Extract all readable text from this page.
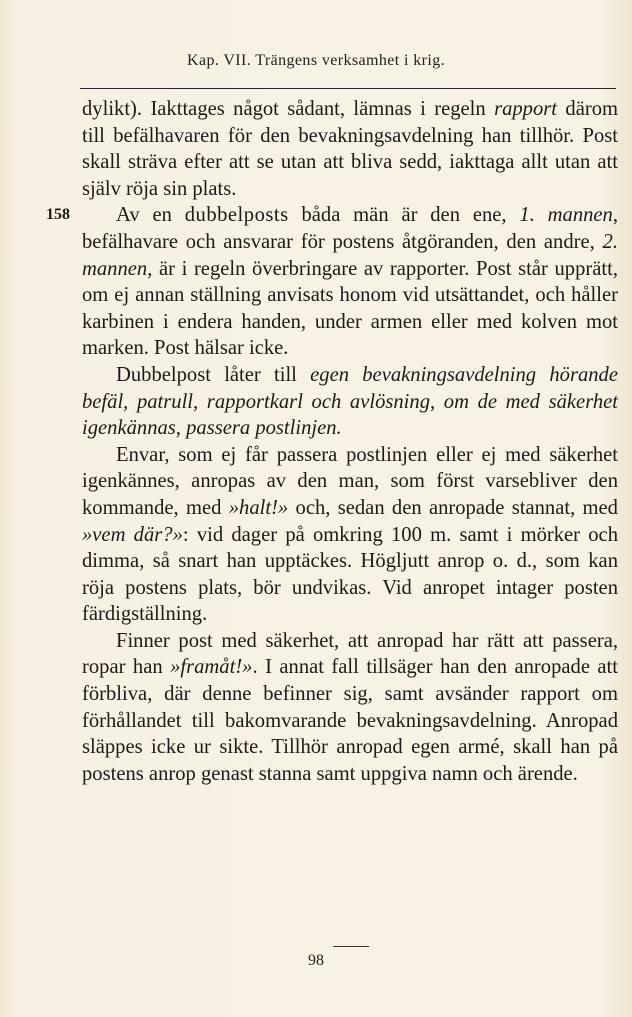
Kap. VII. Trängens verksamhet i krig.

dylikt). Iakttages något sådant, lämnas i regeln rapport därom till befälhavaren för den bevakningsavdelning han tillhör. Post skall sträva efter att se utan att bliva sedd, iakttaga allt utan att själv röja sin plats.

158 Av en dubbelposts båda män är den ene, 1. mannen, befälhavare och ansvarar för postens åtgöranden, den andre, 2. mannen, är i regeln överbringare av rapporter. Post står upprätt, om ej annan ställning anvisats honom vid utsättandet, och håller karbinen i endera handen, under armen eller med kolven mot marken. Post hälsar icke.

Dubbelpost låter till egen bevakningsavdelning hörande befäl, patrull, rapportkarl och avlösning, om de med säkerhet igenkännas, passera postlinjen.

Envar, som ej får passera postlinjen eller ej med säkerhet igenkännes, anropas av den man, som först varsebliver den kommande, med »halt!» och, sedan den anropade stannat, med »vem där?»: vid dager på omkring 100 m. samt i mörker och dimma, så snart han upptäckes. Högljutt anrop o. d., som kan röja postens plats, bör undvikas. Vid anropet intager posten färdigställning.

Finner post med säkerhet, att anropad har rätt att passera, ropar han »framåt!». I annat fall tillsäger han den anropade att förbliva, där denne befinner sig, samt avsänder rapport om förhållandet till bakomvarande bevakningsavdelning. Anropad släppes icke ur sikte. Tillhör anropad egen armé, skall han på postens anrop genast stanna samt uppgiva namn och ärende.

98
